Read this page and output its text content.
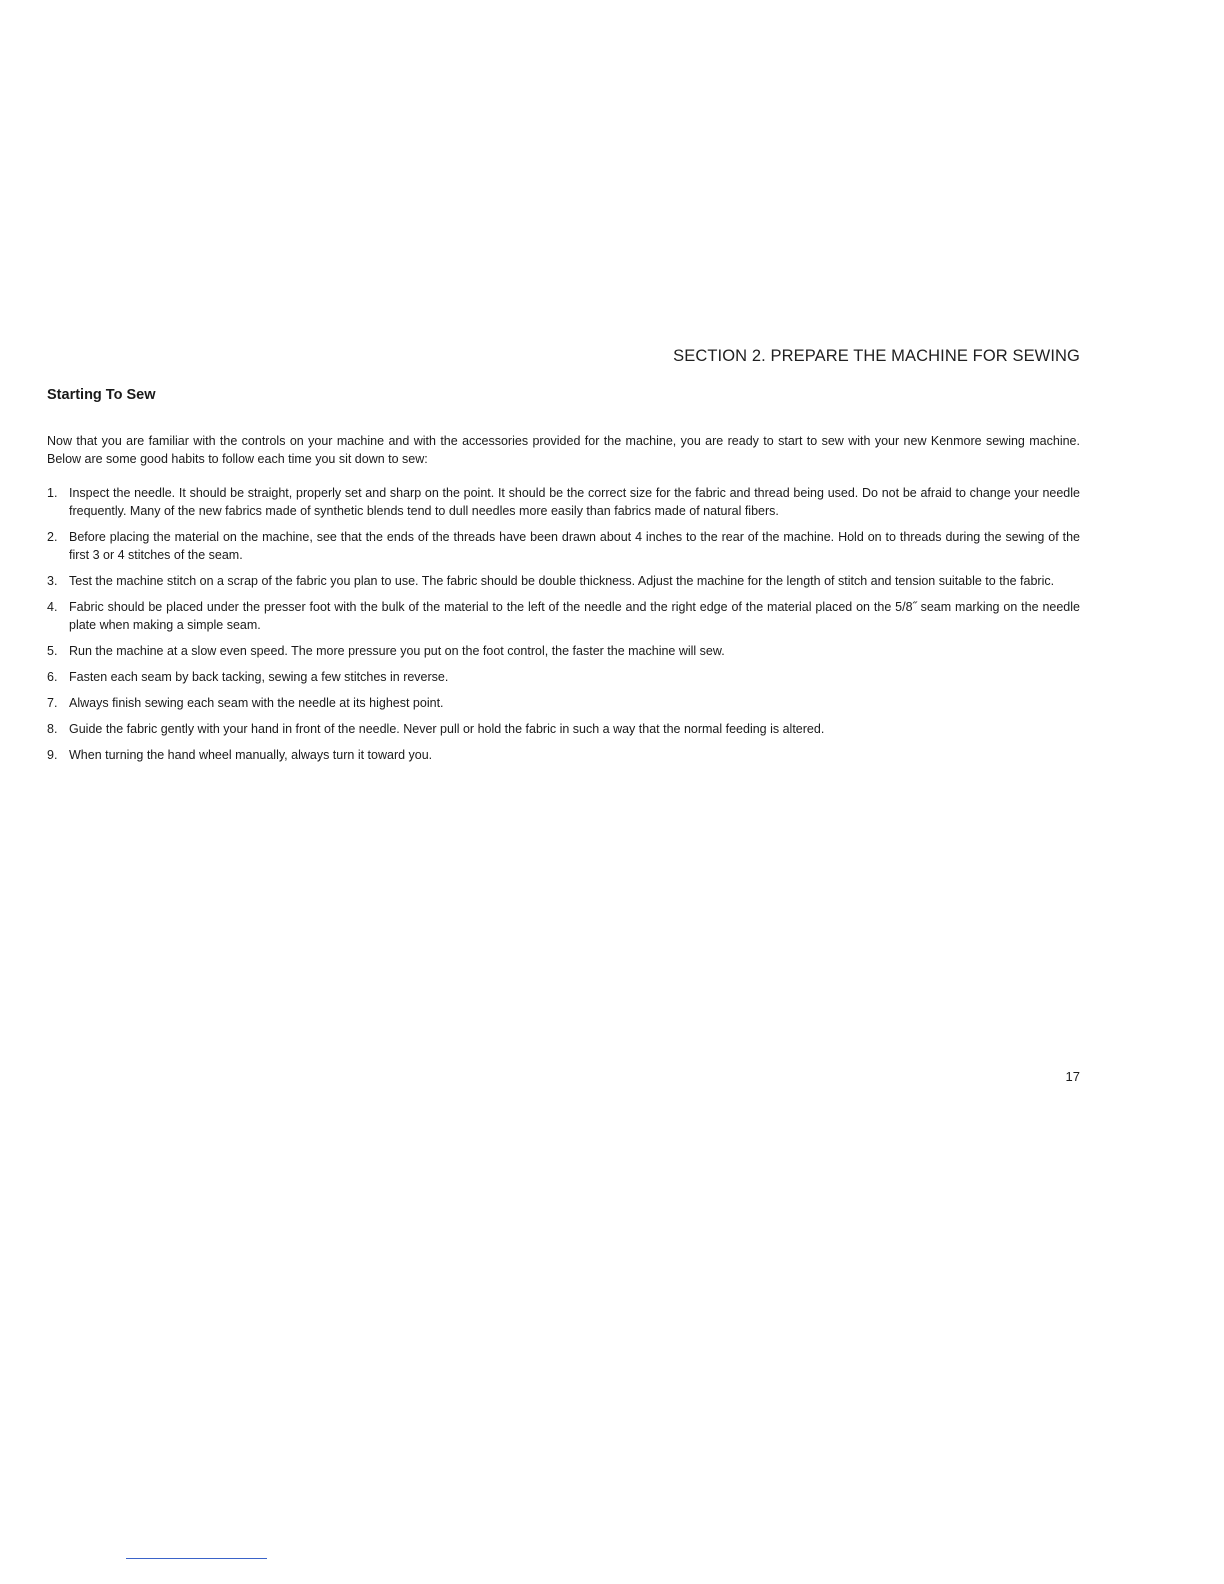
SECTION 2. PREPARE THE MACHINE FOR SEWING
Starting To Sew

Now that you are familiar with the controls on your machine and with the accessories provided for the machine, you are ready to start to sew with your new Kenmore sewing machine. Below are some good habits to follow each time you sit down to sew:

1. Inspect the needle. It should be straight, properly set and sharp on the point. It should be the correct size for the fabric and thread being used. Do not be afraid to change your needle frequently. Many of the new fabrics made of synthetic blends tend to dull needles more easily than fabrics made of natural fibers.
2. Before placing the material on the machine, see that the ends of the threads have been drawn about 4 inches to the rear of the machine. Hold on to threads during the sewing of the first 3 or 4 stitches of the seam.
3. Test the machine stitch on a scrap of the fabric you plan to use. The fabric should be double thickness. Adjust the machine for the length of stitch and tension suitable to the fabric.
4. Fabric should be placed under the presser foot with the bulk of the material to the left of the needle and the right edge of the material placed on the 5/8˝ seam marking on the needle plate when making a simple seam.
5. Run the machine at a slow even speed. The more pressure you put on the foot control, the faster the machine will sew.
6. Fasten each seam by back tacking, sewing a few stitches in reverse.
7. Always finish sewing each seam with the needle at its highest point.
8. Guide the fabric gently with your hand in front of the needle. Never pull or hold the fabric in such a way that the normal feeding is altered.
9. When turning the hand wheel manually, always turn it toward you.
17
